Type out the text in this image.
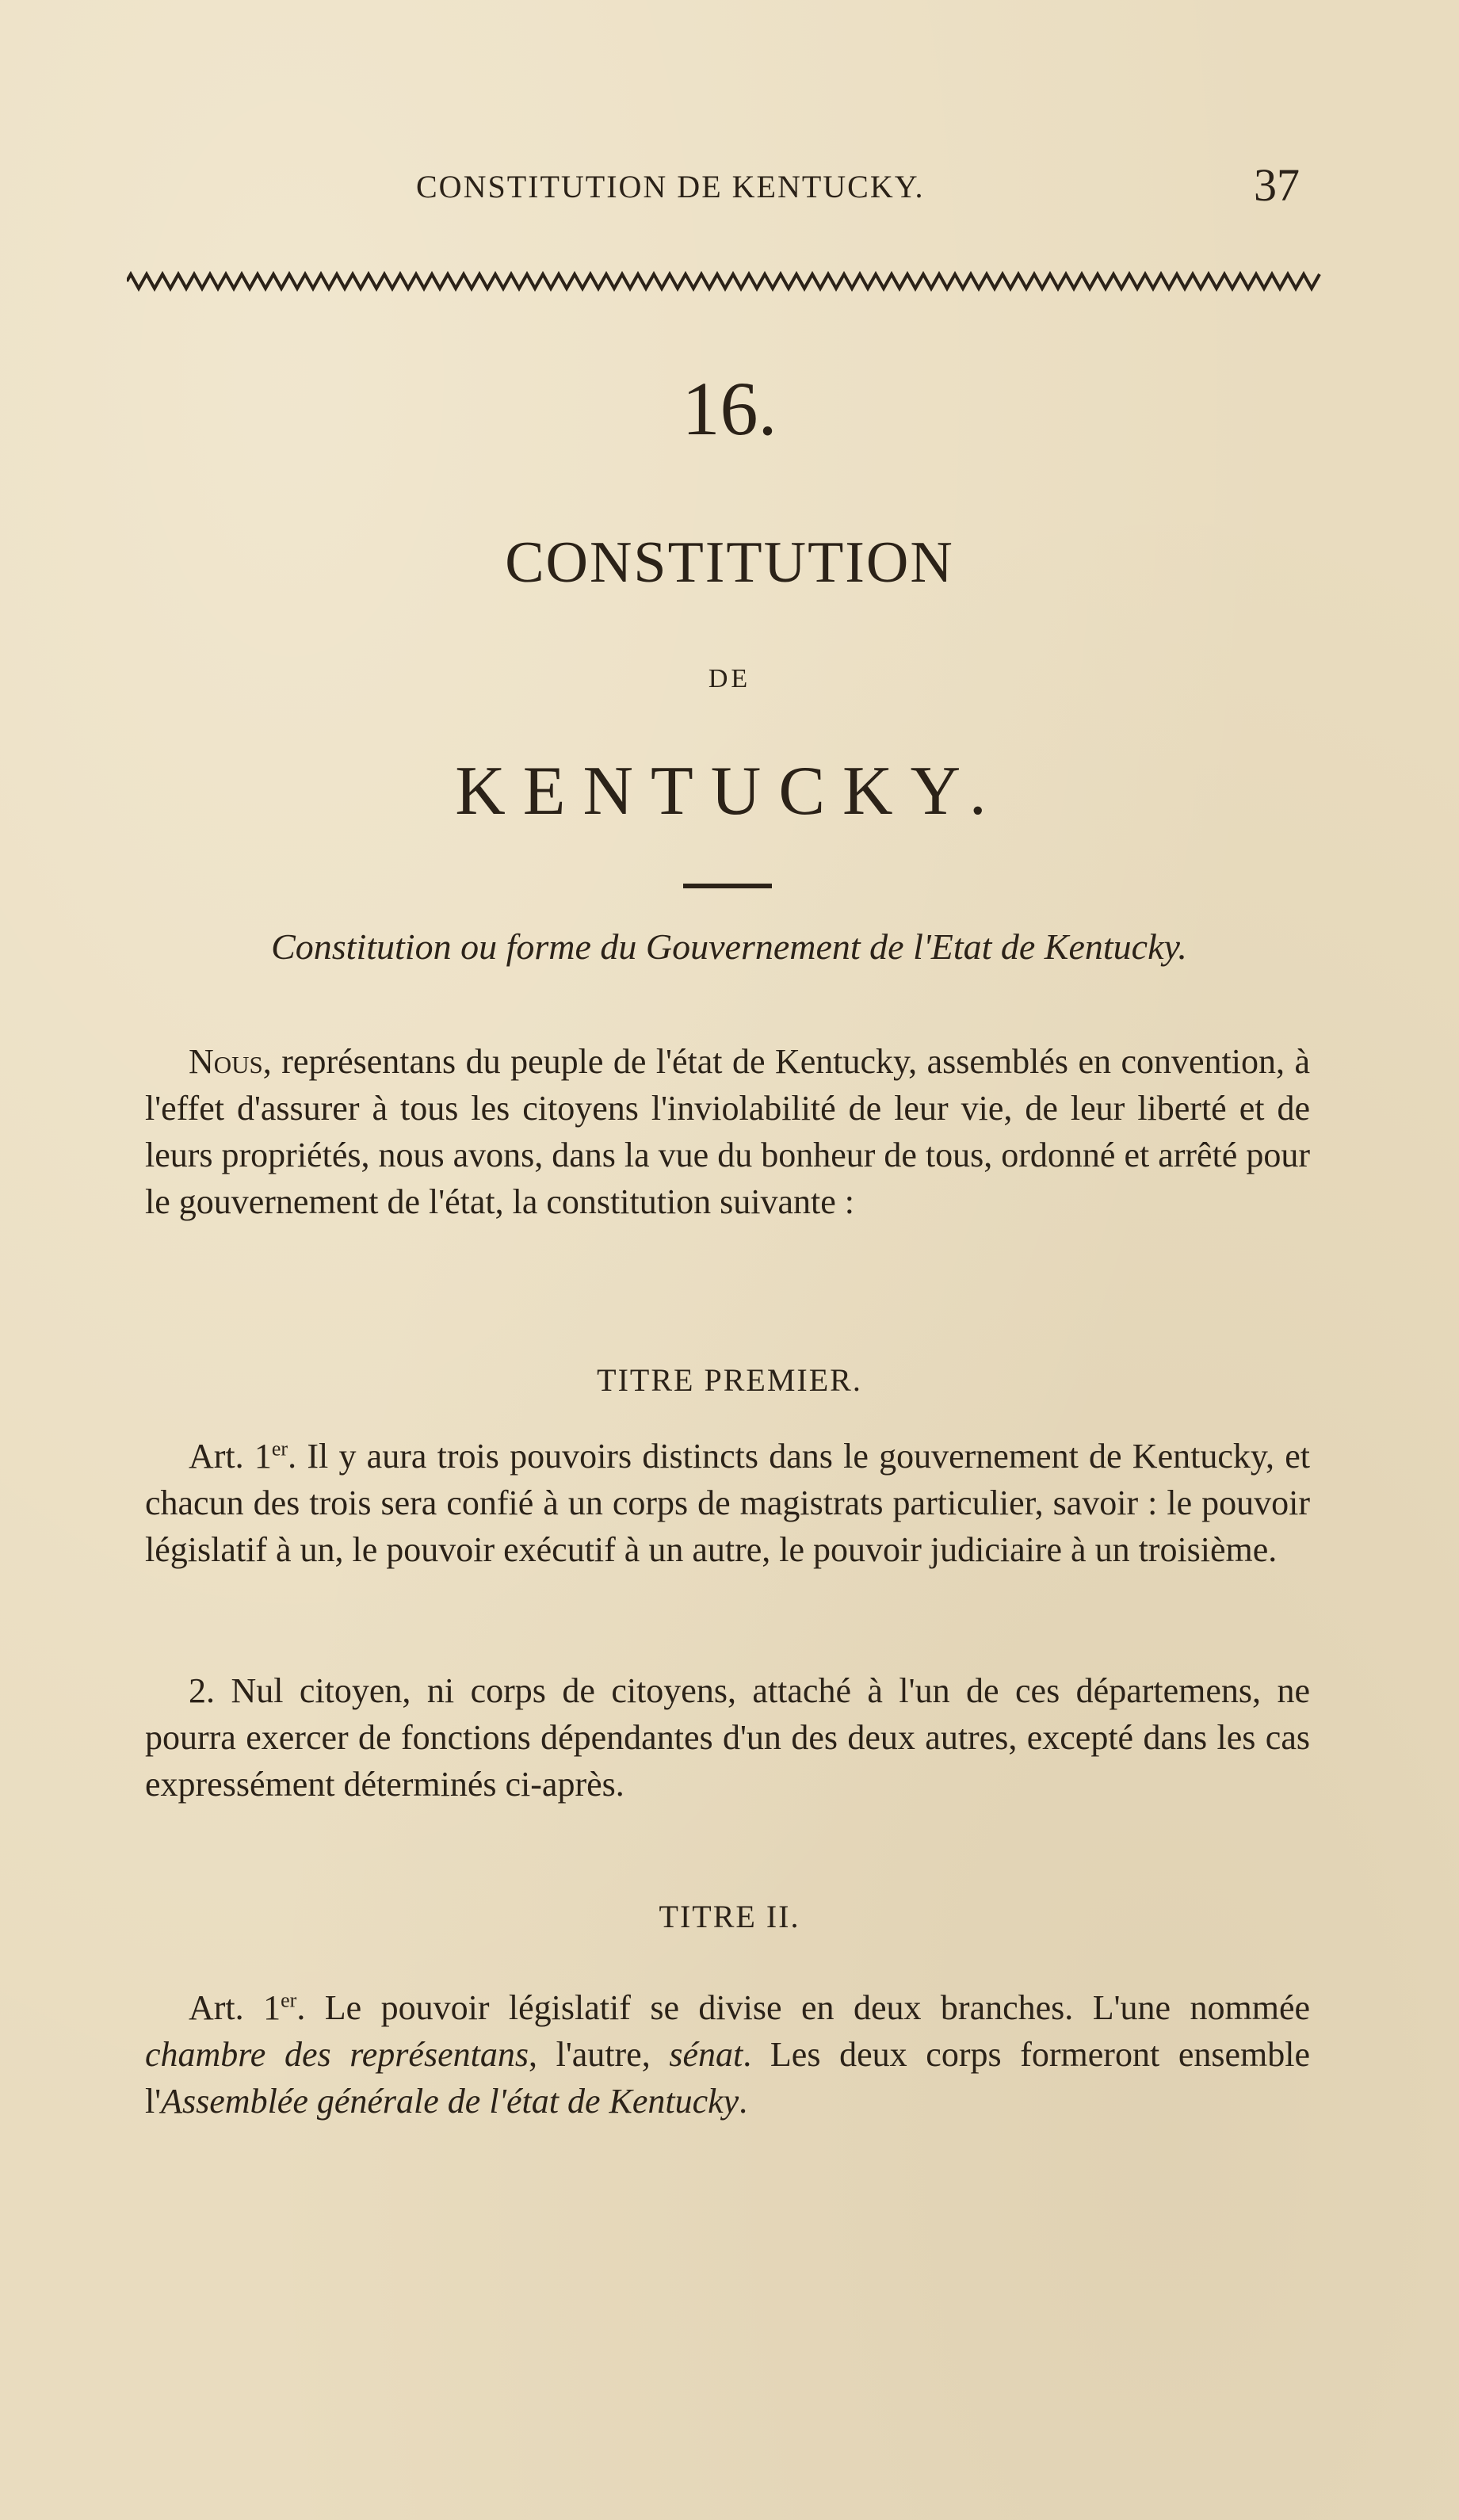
CONSTITUTION DE KENTUCKY.	37
16.
CONSTITUTION
DE
KENTUCKY.
Constitution ou forme du Gouvernement de l'Etat de Kentucky.
Nous, représentans du peuple de l'état de Kentucky, assemblés en convention, à l'effet d'assurer à tous les citoyens l'inviolabilité de leur vie, de leur liberté et de leurs propriétés, nous avons, dans la vue du bonheur de tous, ordonné et arrêté pour le gouvernement de l'état, la constitution suivante :
TITRE PREMIER.
Art. 1er. Il y aura trois pouvoirs distincts dans le gouvernement de Kentucky, et chacun des trois sera confié à un corps de magistrats particulier, savoir : le pouvoir législatif à un, le pouvoir exécutif à un autre, le pouvoir judiciaire à un troisième.
2. Nul citoyen, ni corps de citoyens, attaché à l'un de ces départemens, ne pourra exercer de fonctions dépendantes d'un des deux autres, excepté dans les cas expressément déterminés ci-après.
TITRE II.
Art. 1er. Le pouvoir législatif se divise en deux branches. L'une nommée chambre des représentans, l'autre, sénat. Les deux corps formeront ensemble l'Assemblée générale de l'état de Kentucky.
